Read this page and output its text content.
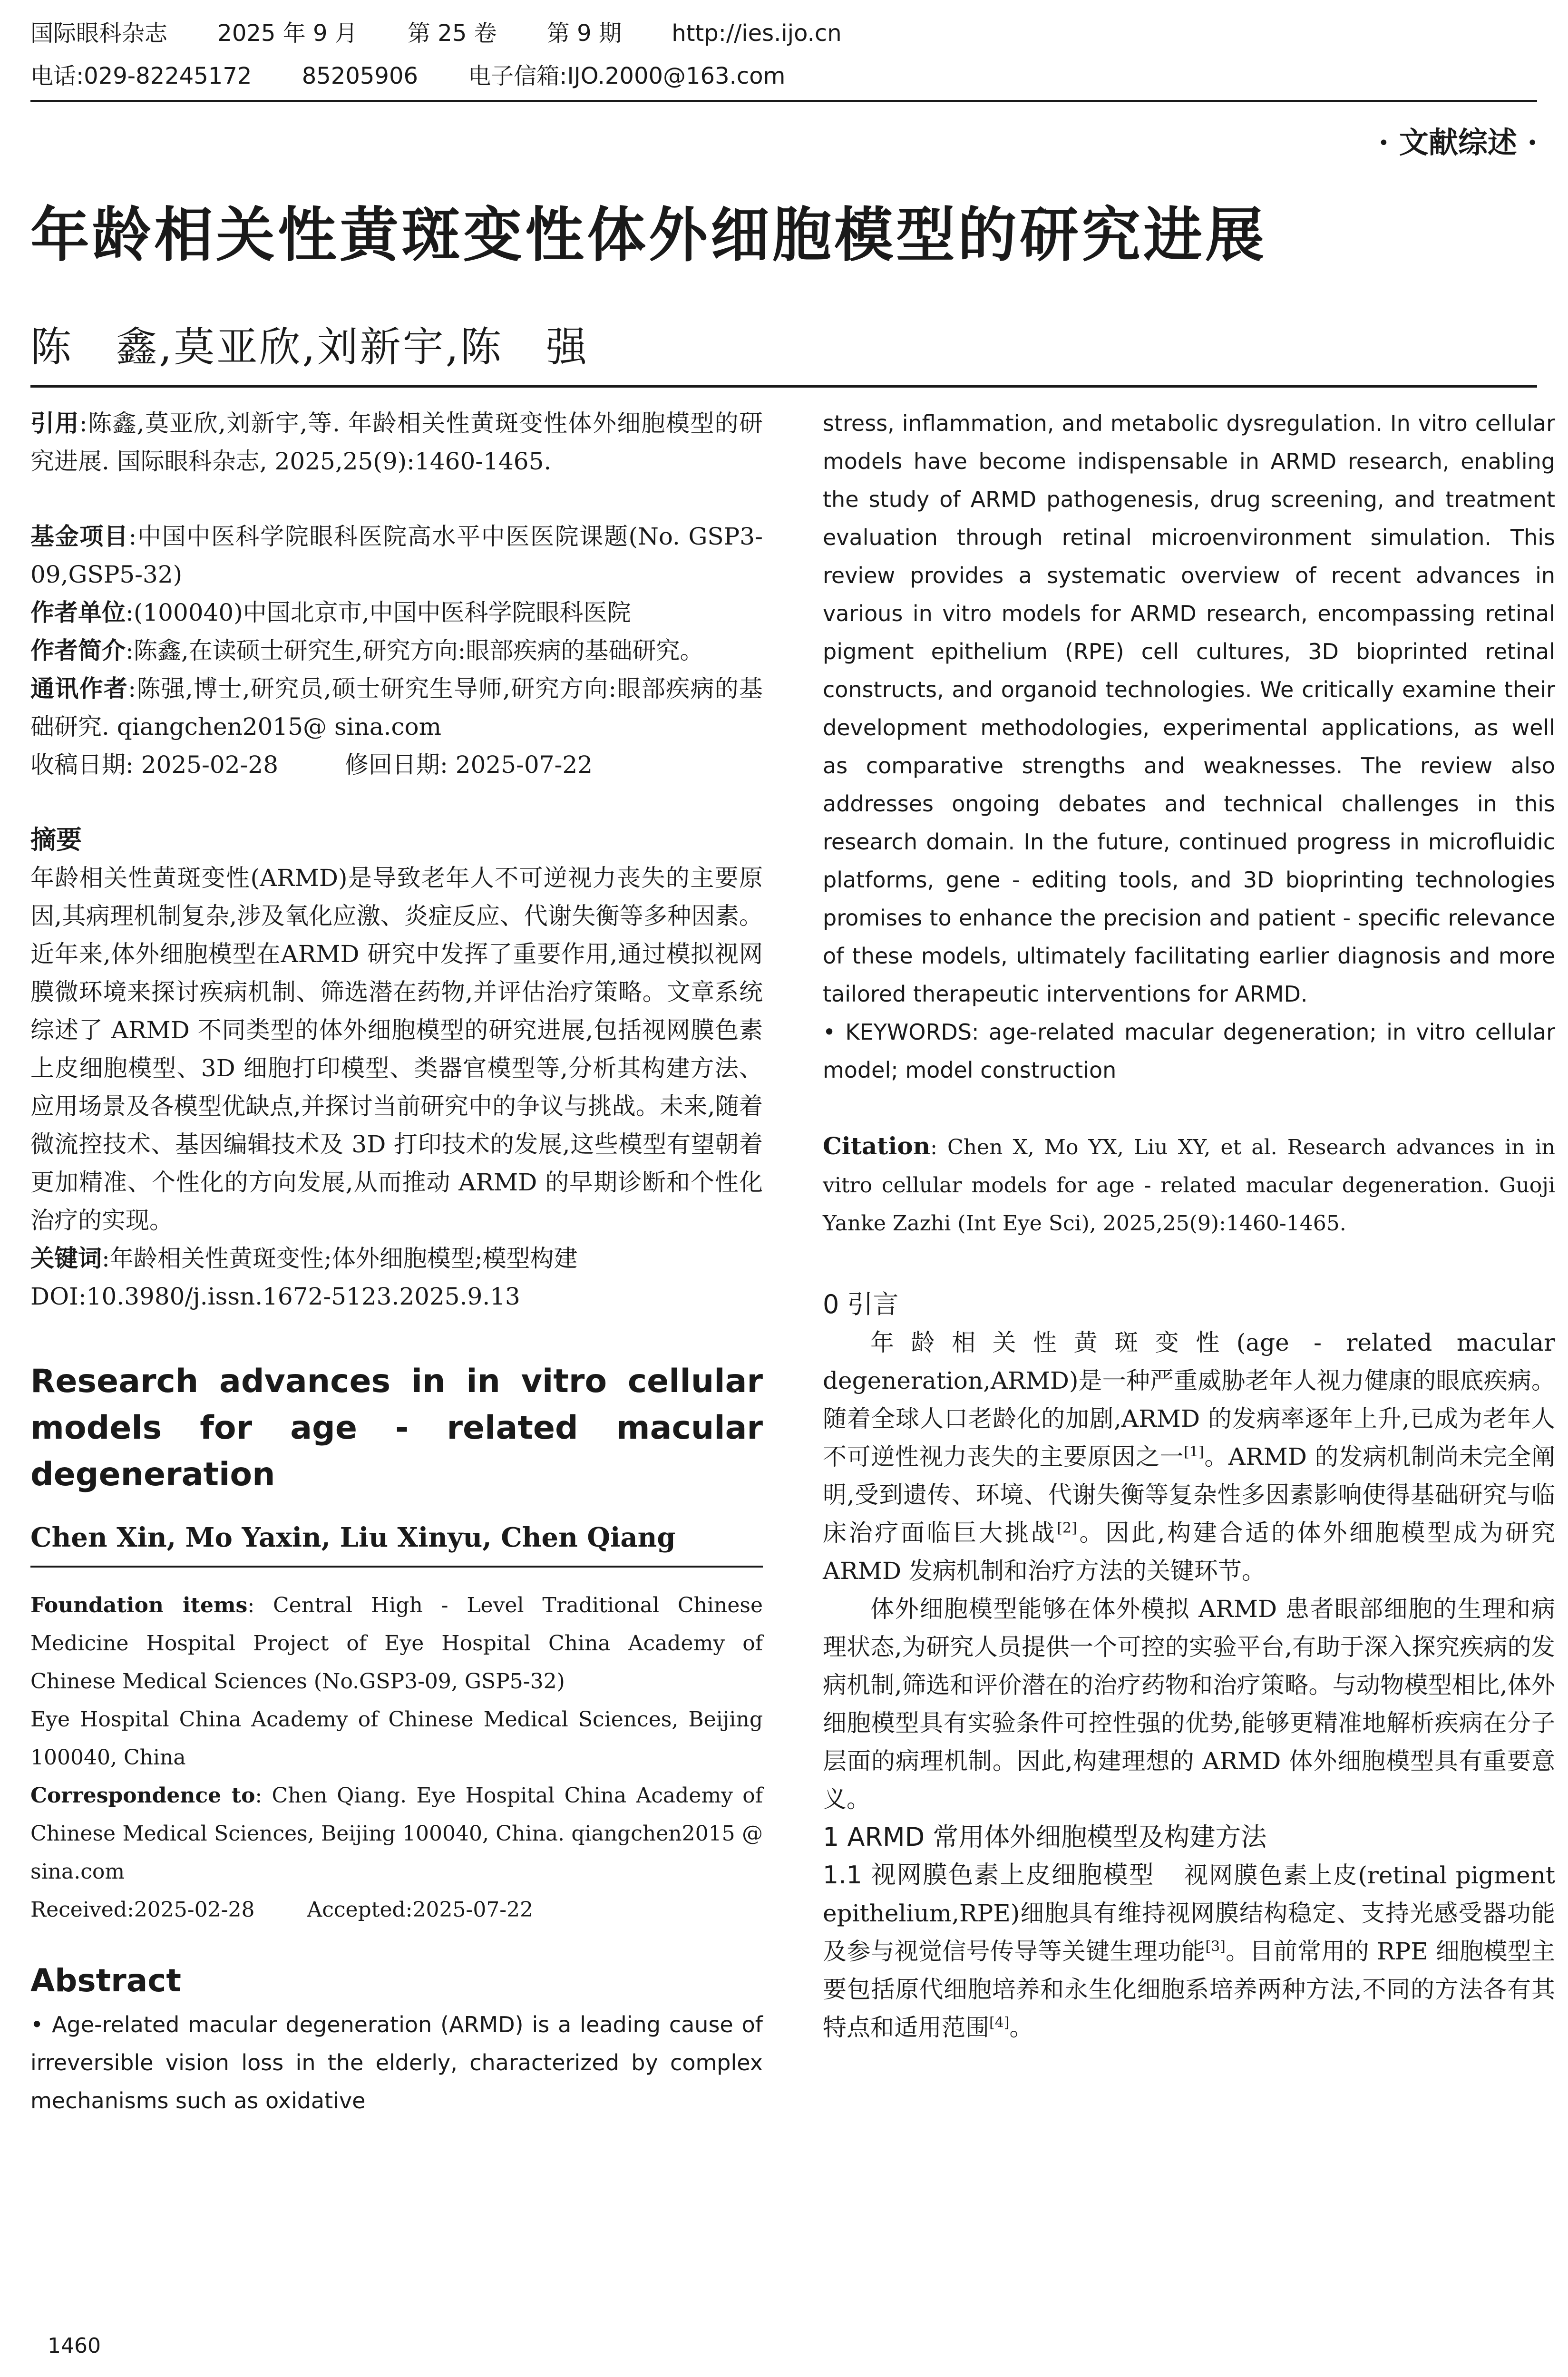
国际眼科杂志 2025 年 9 月 第 25 卷 第 9 期 http://ies.ijo.cn
电话:029-82245172 85205906 电子信箱:IJO.2000@163.com
· 文献综述 ·
年龄相关性黄斑变性体外细胞模型的研究进展
陈　鑫,莫亚欣,刘新宇,陈　强

引用:陈鑫,莫亚欣,刘新宇,等. 年龄相关性黄斑变性体外细胞模型的研究进展. 国际眼科杂志, 2025,25(9):1460-1465.

基金项目:中国中医科学院眼科医院高水平中医医院课题(No. GSP3-09,GSP5-32)

作者单位:(100040)中国北京市,中国中医科学院眼科医院

作者简介:陈鑫,在读硕士研究生,研究方向:眼部疾病的基础研究。

通讯作者:陈强,博士,研究员,硕士研究生导师,研究方向:眼部疾病的基础研究. qiangchen2015@ sina.com

收稿日期: 2025-02-28	修回日期: 2025-07-22

摘要

年龄相关性黄斑变性(ARMD)是导致老年人不可逆视力丧失的主要原因,其病理机制复杂,涉及氧化应激、炎症反应、代谢失衡等多种因素。近年来,体外细胞模型在ARMD 研究中发挥了重要作用,通过模拟视网膜微环境来探讨疾病机制、筛选潜在药物,并评估治疗策略。文章系统综述了 ARMD 不同类型的体外细胞模型的研究进展,包括视网膜色素上皮细胞模型、3D 细胞打印模型、类器官模型等,分析其构建方法、应用场景及各模型优缺点,并探讨当前研究中的争议与挑战。未来,随着微流控技术、基因编辑技术及 3D 打印技术的发展,这些模型有望朝着更加精准、个性化的方向发展,从而推动 ARMD 的早期诊断和个性化治疗的实现。

关键词:年龄相关性黄斑变性;体外细胞模型;模型构建

DOI:10.3980/j.issn.1672-5123.2025.9.13

Research advances in in vitro cellular models for age - related macular degeneration
Chen Xin, Mo Yaxin, Liu Xinyu, Chen Qiang

Foundation items: Central High - Level Traditional Chinese Medicine Hospital Project of Eye Hospital China Academy of Chinese Medical Sciences (No.GSP3-09, GSP5-32)

Eye Hospital China Academy of Chinese Medical Sciences, Beijing 100040, China

Correspondence to: Chen Qiang. Eye Hospital China Academy of Chinese Medical Sciences, Beijing 100040, China. qiangchen2015 @ sina.com

Received:2025-02-28	Accepted:2025-07-22

Abstract

• Age-related macular degeneration (ARMD) is a leading cause of irreversible vision loss in the elderly, characterized by complex mechanisms such as oxidative

stress, inflammation, and metabolic dysregulation. In vitro cellular models have become indispensable in ARMD research, enabling the study of ARMD pathogenesis, drug screening, and treatment evaluation through retinal microenvironment simulation. This review provides a systematic overview of recent advances in various in vitro models for ARMD research, encompassing retinal pigment epithelium (RPE) cell cultures, 3D bioprinted retinal constructs, and organoid technologies. We critically examine their development methodologies, experimental applications, as well as comparative strengths and weaknesses. The review also addresses ongoing debates and technical challenges in this research domain. In the future, continued progress in microfluidic platforms, gene - editing tools, and 3D bioprinting technologies promises to enhance the precision and patient - specific relevance of these models, ultimately facilitating earlier diagnosis and more tailored therapeutic interventions for ARMD.

• KEYWORDS: age-related macular degeneration; in vitro cellular model; model construction

Citation: Chen X, Mo YX, Liu XY, et al. Research advances in in vitro cellular models for age - related macular degeneration. Guoji Yanke Zazhi (Int Eye Sci), 2025,25(9):1460-1465.

0 引言

年龄相关性黄斑变性(age - related macular degeneration,ARMD)是一种严重威胁老年人视力健康的眼底疾病。随着全球人口老龄化的加剧,ARMD 的发病率逐年上升,已成为老年人不可逆性视力丧失的主要原因之一[1]。ARMD 的发病机制尚未完全阐明,受到遗传、环境、代谢失衡等复杂性多因素影响使得基础研究与临床治疗面临巨大挑战[2]。因此,构建合适的体外细胞模型成为研究 ARMD 发病机制和治疗方法的关键环节。

体外细胞模型能够在体外模拟 ARMD 患者眼部细胞的生理和病理状态,为研究人员提供一个可控的实验平台,有助于深入探究疾病的发病机制,筛选和评价潜在的治疗药物和治疗策略。与动物模型相比,体外细胞模型具有实验条件可控性强的优势,能够更精准地解析疾病在分子层面的病理机制。因此,构建理想的 ARMD 体外细胞模型具有重要意义。

1 ARMD 常用体外细胞模型及构建方法

1.1 视网膜色素上皮细胞模型 视网膜色素上皮(retinal pigment epithelium,RPE)细胞具有维持视网膜结构稳定、支持光感受器功能及参与视觉信号传导等关键生理功能[3]。目前常用的 RPE 细胞模型主要包括原代细胞培养和永生化细胞系培养两种方法,不同的方法各有其特点和适用范围[4]。

1460
